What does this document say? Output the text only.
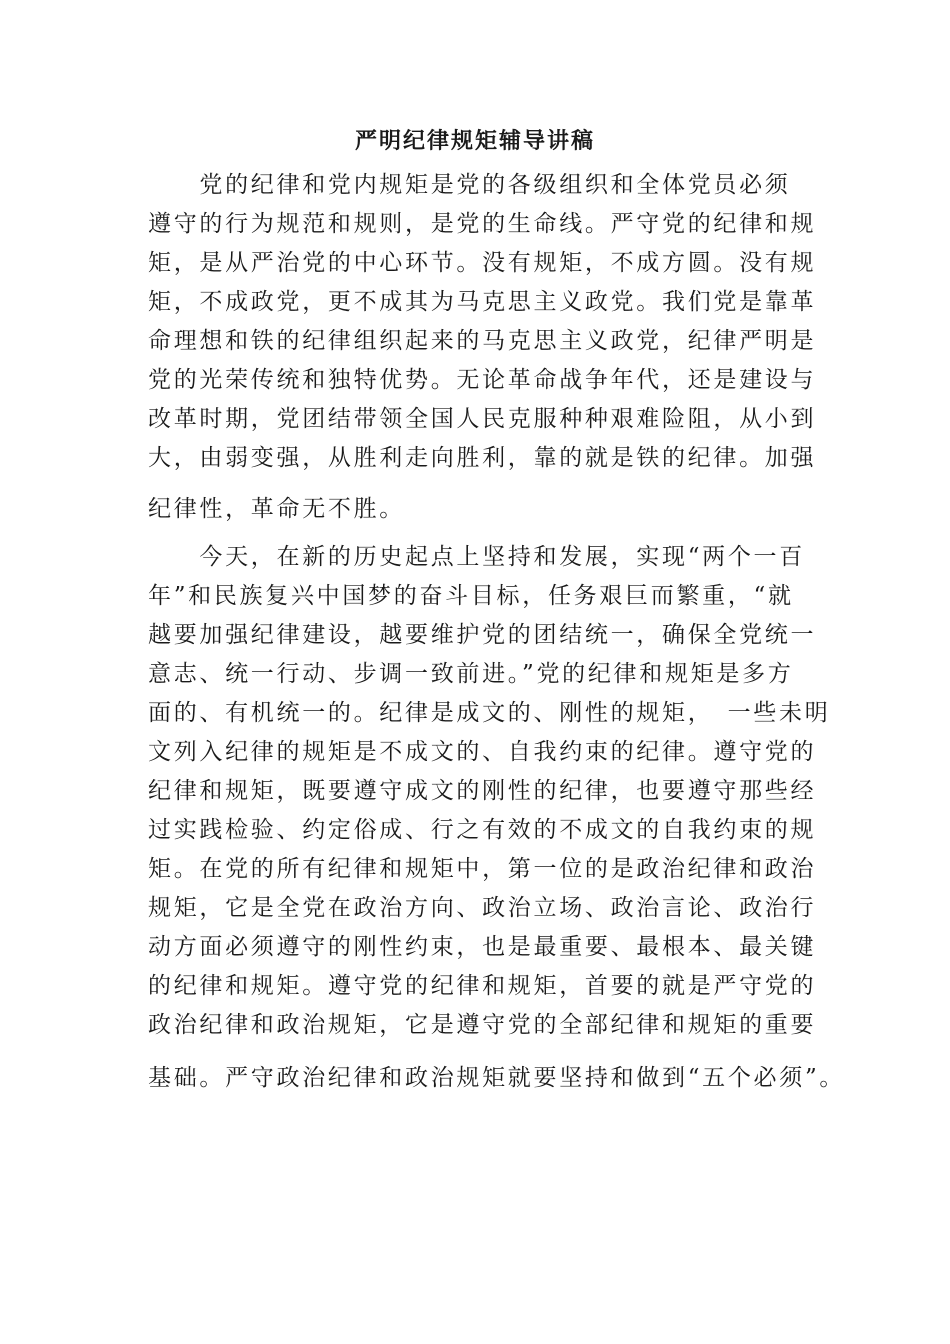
严明纪律规矩辅导讲稿
　　党的纪律和党内规矩是党的各级组织和全体党员必须
遵守的行为规范和规则，是党的生命线。严守党的纪律和规
矩，是从严治党的中心环节。没有规矩，不成方圆。没有规
矩，不成政党，更不成其为马克思主义政党。我们党是靠革
命理想和铁的纪律组织起来的马克思主义政党，纪律严明是
党的光荣传统和独特优势。无论革命战争年代，还是建设与
改革时期，党团结带领全国人民克服种种艰难险阻，从小到
大，由弱变强，从胜利走向胜利，靠的就是铁的纪律。加强
纪律性，革命无不胜。
　　今天，在新的历史起点上坚持和发展，实现“两个一百
年”和民族复兴中国梦的奋斗目标，任务艰巨而繁重，“就
越要加强纪律建设，越要维护党的团结统一，确保全党统一
意志、统一行动、步调一致前进。”党的纪律和规矩是多方
面的、有机统一的。纪律是成文的、刚性的规矩，　一些未明
文列入纪律的规矩是不成文的、自我约束的纪律。遵守党的
纪律和规矩，既要遵守成文的刚性的纪律，也要遵守那些经
过实践检验、约定俗成、行之有效的不成文的自我约束的规
矩。在党的所有纪律和规矩中，第一位的是政治纪律和政治
规矩，它是全党在政治方向、政治立场、政治言论、政治行
动方面必须遵守的刚性约束，也是最重要、最根本、最关键
的纪律和规矩。遵守党的纪律和规矩，首要的就是严守党的
政治纪律和政治规矩，它是遵守党的全部纪律和规矩的重要
基础。严守政治纪律和政治规矩就要坚持和做到“五个必须”。
